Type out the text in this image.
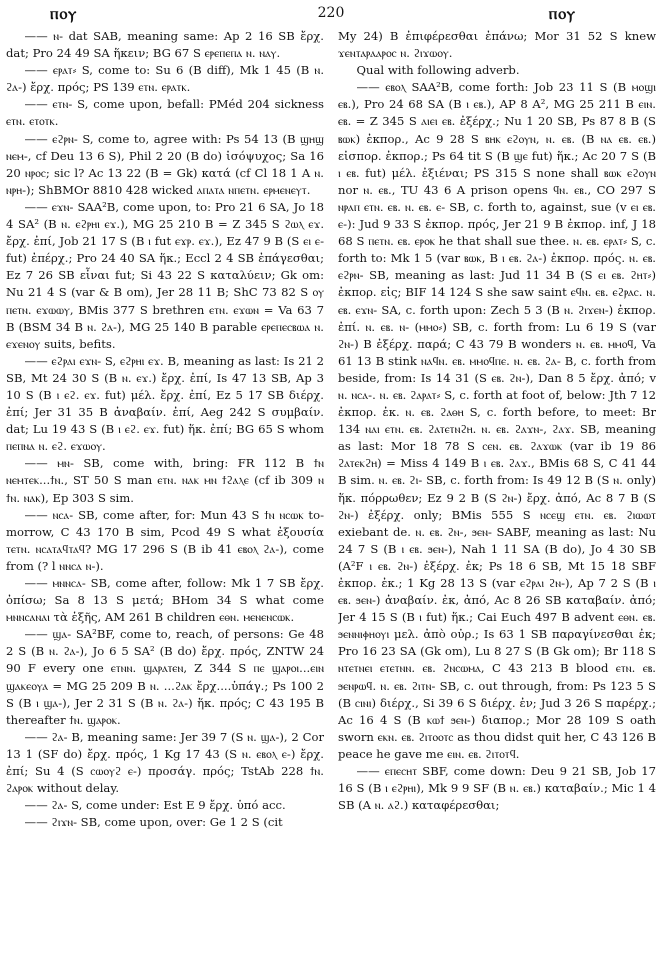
ⲡⲟⲩ	220	ⲡⲟⲩ

—— ⲛ- dat SAB, meaning same: Ap 2 16 SB ἔρχ. dat; Pro 24 49 SA ἥκειν; BG 67 S ⲉⲣⲉⲡⲉⲡⲁ ⲛ. ⲛⲁⲩ.

—— ⲉⲣⲁⲧ⸗ S, come to: Su 6 (B diff), Mk 1 45 (B ⲛ. ϩⲁ-) ἔρχ. πρός; PS 139 ⲉⲧⲛ. ⲉⲣⲁⲧⲕ.

—— ⲉⲧⲛ- S, come upon, befall: PMéd 204 sickness ⲉⲧⲛ. ⲉⲧⲟⲧⲕ.

—— ⲉϩⲣⲛ- S, come to, agree with: Ps 54 13 (B ϣⲏϣ ⲛⲉⲙ-, cf Deu 13 6 S), Phil 2 20 (B do) ἰσόψυχος; Sa 16 20 ⲛⲣⲟⲥ; sic l? Ac 13 22 (B = Gk) κατά (cf Cl 18 1 A ⲛ. ⲛⲣⲏ-); ShBMOr 8810 428 wicked ⲁⲡⲁⲧⲁ ⲛⲡⲉⲧⲛ. ⲉⲣⲙⲉⲛⲉⲩⲧ.

—— ⲉϫⲛ- SAA²B, come upon, to: Pro 21 6 SA, Jo 18 4 SA² (B ⲛ. ⲉϩⲣⲏⲓ ⲉϫ.), MG 25 210 B = Z 345 S ϩⲱⲗ ⲉϫ. ἔρχ. ἐπί, Job 21 17 S (B ⲓ fut ⲉϫⲣ. ⲉϫ.), Ez 47 9 B (S ⲉⲓ ⲉ- fut) ἐπέρχ.; Pro 24 40 SA ἥκ.; Eccl 2 4 SB ἐπάγεσθαι; Ez 7 26 SB εἶναι fut; Si 43 22 S καταλύειν; Gk om: Nu 21 4 S (var & B om), Jer 28 11 B; ShC 73 82 S ⲟⲩ ⲡⲉⲧⲛ. ⲉϫⲱⲱⲩ, BMis 377 S brethren ⲉⲧⲛ. ⲉϫⲱⲛ = Va 63 7 B (BSM 34 B ⲛ. ϩⲁ-), MG 25 140 B parable ⲉⲣⲉⲡⲉⲥⲃⲱⲁ ⲛ. ⲉϫⲉⲛⲟⲩ suits, befits.

—— ⲉϩⲣⲁⲓ ⲉϫⲛ- S, ⲉϩⲣⲏⲓ ⲉϫ. B, meaning as last: Is 21 2 SB, Mt 24 30 S (B ⲛ. ⲉϫ.) ἔρχ. ἐπί, Is 47 13 SB, Ap 3 10 S (B ⲓ ⲉϩ. ⲉϫ. fut) μέλ. ἔρχ. ἐπί, Ez 5 17 SB διέρχ. ἐπί; Jer 31 35 B ἀναβαίν. ἐπί, Aeg 242 S συμβαίν. dat; Lu 19 43 S (B ⲓ ⲉϩ. ⲉϫ. fut) ἥκ. ἐπί; BG 65 S whom ⲡⲉⲡⲛⲁ ⲛ. ⲉϩ. ⲉϫⲱⲟⲩ.

—— ⲙⲛ- SB, come with, bring: FR 112 B ϯⲛ ⲛⲉⲙⲧⲉⲕ...ϯⲛ., ST 50 S man ⲉⲧⲛ. ⲛⲁⲕ ⲙⲛ ϯϩⲁⲗⲉ (cf ib 309 ⲛ ϯⲛ. ⲛⲁⲕ), Ep 303 S sim.

—— ⲛⲥⲁ- SB, come after, for: Mun 43 S ϯⲛ ⲛⲥⲱⲕ to-morrow, C 43 170 B sim, Pcod 49 S what ἐξουσία ⲧⲉⲧⲛ. ⲛⲥⲁⲧⲁϥⲧⲁϥ? MG 17 296 S (B ib 41 ⲉⲃⲟⲗ ϩⲁ-), come from (? l ⲛⲛⲥⲁ ⲛ-).

—— ⲙⲛⲛⲥⲁ- SB, come after, follow: Mk 1 7 SB ἔρχ. ὀπίσω; Sa 8 13 S μετά; BHom 34 S what come ⲙⲛⲛⲥⲁⲛⲁⲓ τὰ ἑξῆς, AM 261 B children ⲉⲑⲛ. ⲙⲉⲛⲉⲛⲥⲱⲕ.

—— ϣⲁ- SA²BF, come to, reach, of persons: Ge 48 2 S (B ⲛ. ϩⲁ-), Jo 6 5 SA² (B do) ἔρχ. πρός, ZNTW 24 90 F every one ⲉⲧⲛⲛ. ϣⲁⲣⲁⲧⲉⲛ, Z 344 S ⲡⲉ ϣⲁⲣⲟⲓ...ⲉⲓⲛ ϣⲁⲕⲉⲟⲩⲁ = MG 25 209 B ⲛ. ...ϩⲁⲕ ἔρχ....ὑπάγ.; Ps 100 2 S (B ⲓ ϣⲁ-), Jer 2 31 S (B ⲛ. ϩⲁ-) ἥκ. πρός; C 43 195 B thereafter ϯⲛ. ϣⲁⲣⲟⲕ.

—— ϩⲁ- B, meaning same: Jer 39 7 (S ⲛ. ϣⲁ-), 2 Cor 13 1 (SF do) ἔρχ. πρός, 1 Kg 17 43 (S ⲛ. ⲉⲃⲟⲗ ⲉ-) ἔρχ. ἐπί; Su 4 (S ⲥⲱⲟⲩϩ ⲉ-) προσάγ. πρός; TstAb 228 ϯⲛ. ϩⲁⲣⲟⲕ without delay.

—— ϩⲁ- S, come under: Est E 9 ἔρχ. ὑπό acc.

—— ϩⲓϫⲛ- SB, come upon, over: Ge 1 2 S (cit

My 24) B ἐπιφέρεσθαι ἐπάνω; Mor 31 52 S knew ϫⲉⲛⲧⲁⲣⲁⲁⲣⲟⲥ ⲛ. ϩⲓϫⲱⲟⲩ.

Qual with following adverb.

—— ⲉⲃⲟⲗ SAA²B, come forth: Job 23 11 S (B ⲙⲟϣⲓ ⲉⲃ.), Pro 24 68 SA (B ⲓ ⲉⲃ.), AP 8 A², MG 25 211 B ⲉⲓⲛ. ⲉⲃ. = Z 345 S ⲁⲓⲉⲓ ⲉⲃ. ἐξέρχ.; Nu 1 20 SB, Ps 87 8 B (S ⲃⲱⲕ) ἐκπορ., Ac 9 28 S ⲃⲏⲕ ⲉϩⲟⲩⲛ, ⲛ. ⲉⲃ. (B ⲛⲁ ⲉⲃ. ⲉⲃ.) εἰσπορ. ἐκπορ.; Ps 64 tit S (B ϣⲉ fut) ἥκ.; Ac 20 7 S (B ⲓ ⲉⲃ. fut) μέλ. ἐξιέναι; PS 315 S none shall ⲃⲱⲕ ⲉϩⲟⲩⲛ nor ⲛ. ⲉⲃ., TU 43 6 A prison opens ϥⲛ. ⲉⲃ., CO 297 S ⲛⲣⲁⲡ ⲉⲧⲛ. ⲉⲃ. ⲛ. ⲉⲃ. ⲉ- SB, c. forth to, against, sue (v ⲉⲓ ⲉⲃ. ⲉ-): Jud 9 33 S ἐκπορ. πρός, Jer 21 9 B ἐκπορ. inf, J 18 68 S ⲡⲉⲧⲛ. ⲉⲃ. ⲉⲣⲟⲕ he that shall sue thee. ⲛ. ⲉⲃ. ⲉⲣⲁⲧ⸗ S, c. forth to: Mk 1 5 (var ⲃⲱⲕ, B ⲓ ⲉⲃ. ϩⲁ-) ἐκπορ. πρός. ⲛ. ⲉⲃ. ⲉϩⲣⲛ- SB, meaning as last: Jud 11 34 B (S ⲉⲓ ⲉⲃ. ϩⲏⲧ⸗) ἐκπορ. εἰς; BIF 14 124 S she saw saint ⲉϥⲛ. ⲉⲃ. ⲉϩⲣⲁⲥ. ⲛ. ⲉⲃ. ⲉϫⲛ- SA, c. forth upon: Zech 5 3 (B ⲛ. ϩⲓϫⲉⲛ-) ἐκπορ. ἐπί. ⲛ. ⲉⲃ. ⲛ- (ⲙⲙⲟ⸗) SB, c. forth from: Lu 6 19 S (var ϩⲛ-) B ἐξέρχ. παρά; C 43 79 B wonders ⲛ. ⲉⲃ. ⲙⲙⲟϥ, Va 61 13 B stink ⲛⲁϥⲛ. ⲉⲃ. ⲙⲙⲟϥⲡⲉ. ⲛ. ⲉⲃ. ϩⲁ- B, c. forth from beside, from: Is 14 31 (S ⲉⲃ. ϩⲛ-), Dan 8 5 ἔρχ. ἀπό; v ⲛ. ⲛⲥⲁ-. ⲛ. ⲉⲃ. ϩⲁⲣⲁⲧ⸗ S, c. forth at foot of, below: Jth 7 12 ἐκπορ. ἐκ. ⲛ. ⲉⲃ. ϩⲁⲑⲏ S, c. forth before, to meet: Br 134 ⲛⲁⲓ ⲉⲧⲛ. ⲉⲃ. ϩⲁⲧⲉⲧⲛϩⲏ. ⲛ. ⲉⲃ. ϩⲁϫⲛ-, ϩⲁϫ. SB, meaning as last: Mor 18 78 S ⲥⲉⲛ. ⲉⲃ. ϩⲁϫⲱⲕ (var ib 19 86 ϩⲁⲧⲉⲕϩⲏ) = Miss 4 149 B ⲓ ⲉⲃ. ϩⲁϫ., BMis 68 S, C 41 44 B sim. ⲛ. ⲉⲃ. ϩⲓ- SB, c. forth from: Is 49 12 B (S ⲛ. only) ἥκ. πόρρωθεν; Ez 9 2 B (S ϩⲛ-) ἔρχ. ἀπό, Ac 8 7 B (S ϩⲛ-) ἐξέρχ. only; BMis 555 S ⲛⲥⲉϣ ⲉⲧⲛ. ⲉⲃ. ϩⲓⲱⲱⲧ exiebant de. ⲛ. ⲉⲃ. ϩⲛ-, ϧⲉⲛ- SABF, meaning as last: Nu 24 7 S (B ⲓ ⲉⲃ. ϧⲉⲛ-), Nah 1 11 SA (B do), Jo 4 30 SB (A²F ⲓ ⲉⲃ. ϩⲛ-) ἐξέρχ. ἐκ; Ps 18 6 SB, Mt 15 18 SBF ἐκπορ. ἐκ.; 1 Kg 28 13 S (var ⲉϩⲣⲁⲓ ϩⲛ-), Ap 7 2 S (B ⲓ ⲉⲃ. ϧⲉⲛ-) ἀναβαίν. ἐκ, ἀπό, Ac 8 26 SB καταβαίν. ἀπό; Jer 4 15 S (B ⲓ fut) ἥκ.; Cai Euch 497 B advent ⲉⲑⲛ. ⲉⲃ. ϧⲉⲛⲛⲓⲫⲏⲟⲩⲓ μελ. ἀπὸ οὐρ.; Is 63 1 SB παραγίνεσθαι ἐκ; Pro 16 23 SA (Gk om), Lu 8 27 S (B Gk om); Br 118 S ⲛⲧⲉⲧⲛⲉⲓ ⲉⲧⲉⲧⲛⲛ. ⲉⲃ. ϩⲛⲥⲱⲙⲁ, C 43 213 B blood ⲉⲧⲛ. ⲉⲃ. ϧⲉⲛⲣⲱϥ. ⲛ. ⲉⲃ. ϩⲓⲧⲛ- SB, c. out through, from: Ps 123 5 S (B ⲥⲓⲛⲓ) διέρχ., Si 39 6 S διέρχ. ἐν; Jud 3 26 S παρέρχ.; Ac 16 4 S (B ⲕⲱϯ ϧⲉⲛ-) διαπορ.; Mor 28 109 S oath sworn ⲉⲕⲛ. ⲉⲃ. ϩⲓⲧⲟⲟⲧⲥ as thou didst quit her, C 43 126 B peace he gave me ⲉⲓⲛ. ⲉⲃ. ϩⲓⲧⲟⲧϥ.

—— ⲉⲡⲉⲥⲏⲧ SBF, come down: Deu 9 21 SB, Job 17 16 S (B ⲓ ⲉϩⲣⲏⲓ), Mk 9 9 SF (B ⲛ. ⲉⲃ.) καταβαίν.; Mic 1 4 SB (A ⲛ. ⲁϩ.) καταφέρεσθαι;
